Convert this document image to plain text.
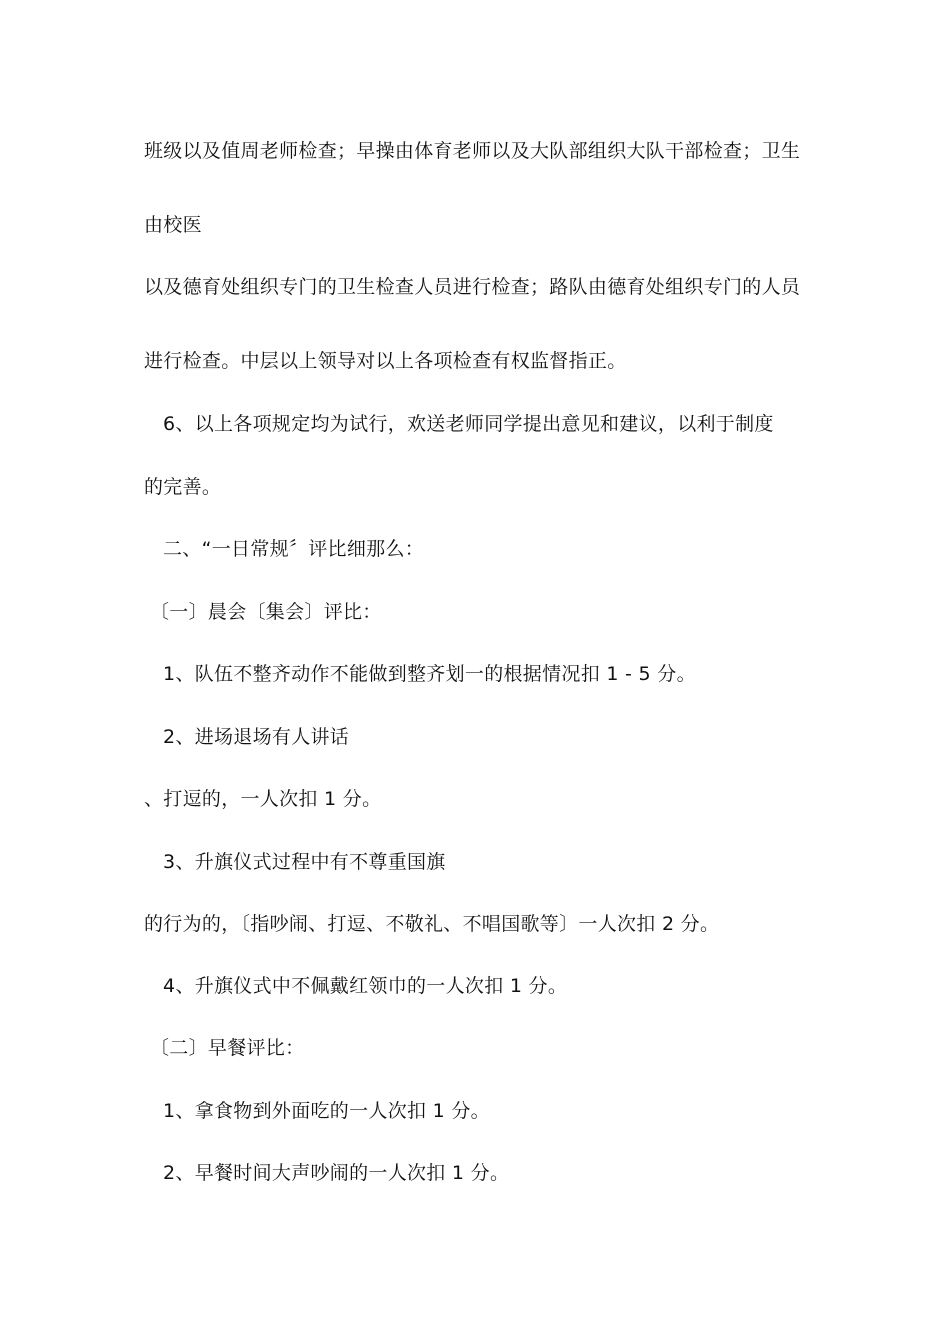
班级以及值周老师检查；早操由体育老师以及大队部组织大队干部检查；卫生
由校医
以及德育处组织专门的卫生检查人员进行检查；路队由德育处组织专门的人员
进行检查。中层以上领导对以上各项检查有权监督指正。
6、以上各项规定均为试行，欢送老师同学提出意见和建议，以利于制度
的完善。
二、“一日常规〞评比细那么：
〔一〕晨会〔集会〕评比：
1、队伍不整齐动作不能做到整齐划一的根据情况扣 1 - 5 分。
2、进场退场有人讲话
、打逗的，一人次扣 1 分。
3、升旗仪式过程中有不尊重国旗
的行为的，〔指吵闹、打逗、不敬礼、不唱国歌等〕一人次扣 2 分。
4、升旗仪式中不佩戴红领巾的一人次扣 1 分。
〔二〕早餐评比：
1、拿食物到外面吃的一人次扣 1 分。
2、早餐时间大声吵闹的一人次扣 1 分。
